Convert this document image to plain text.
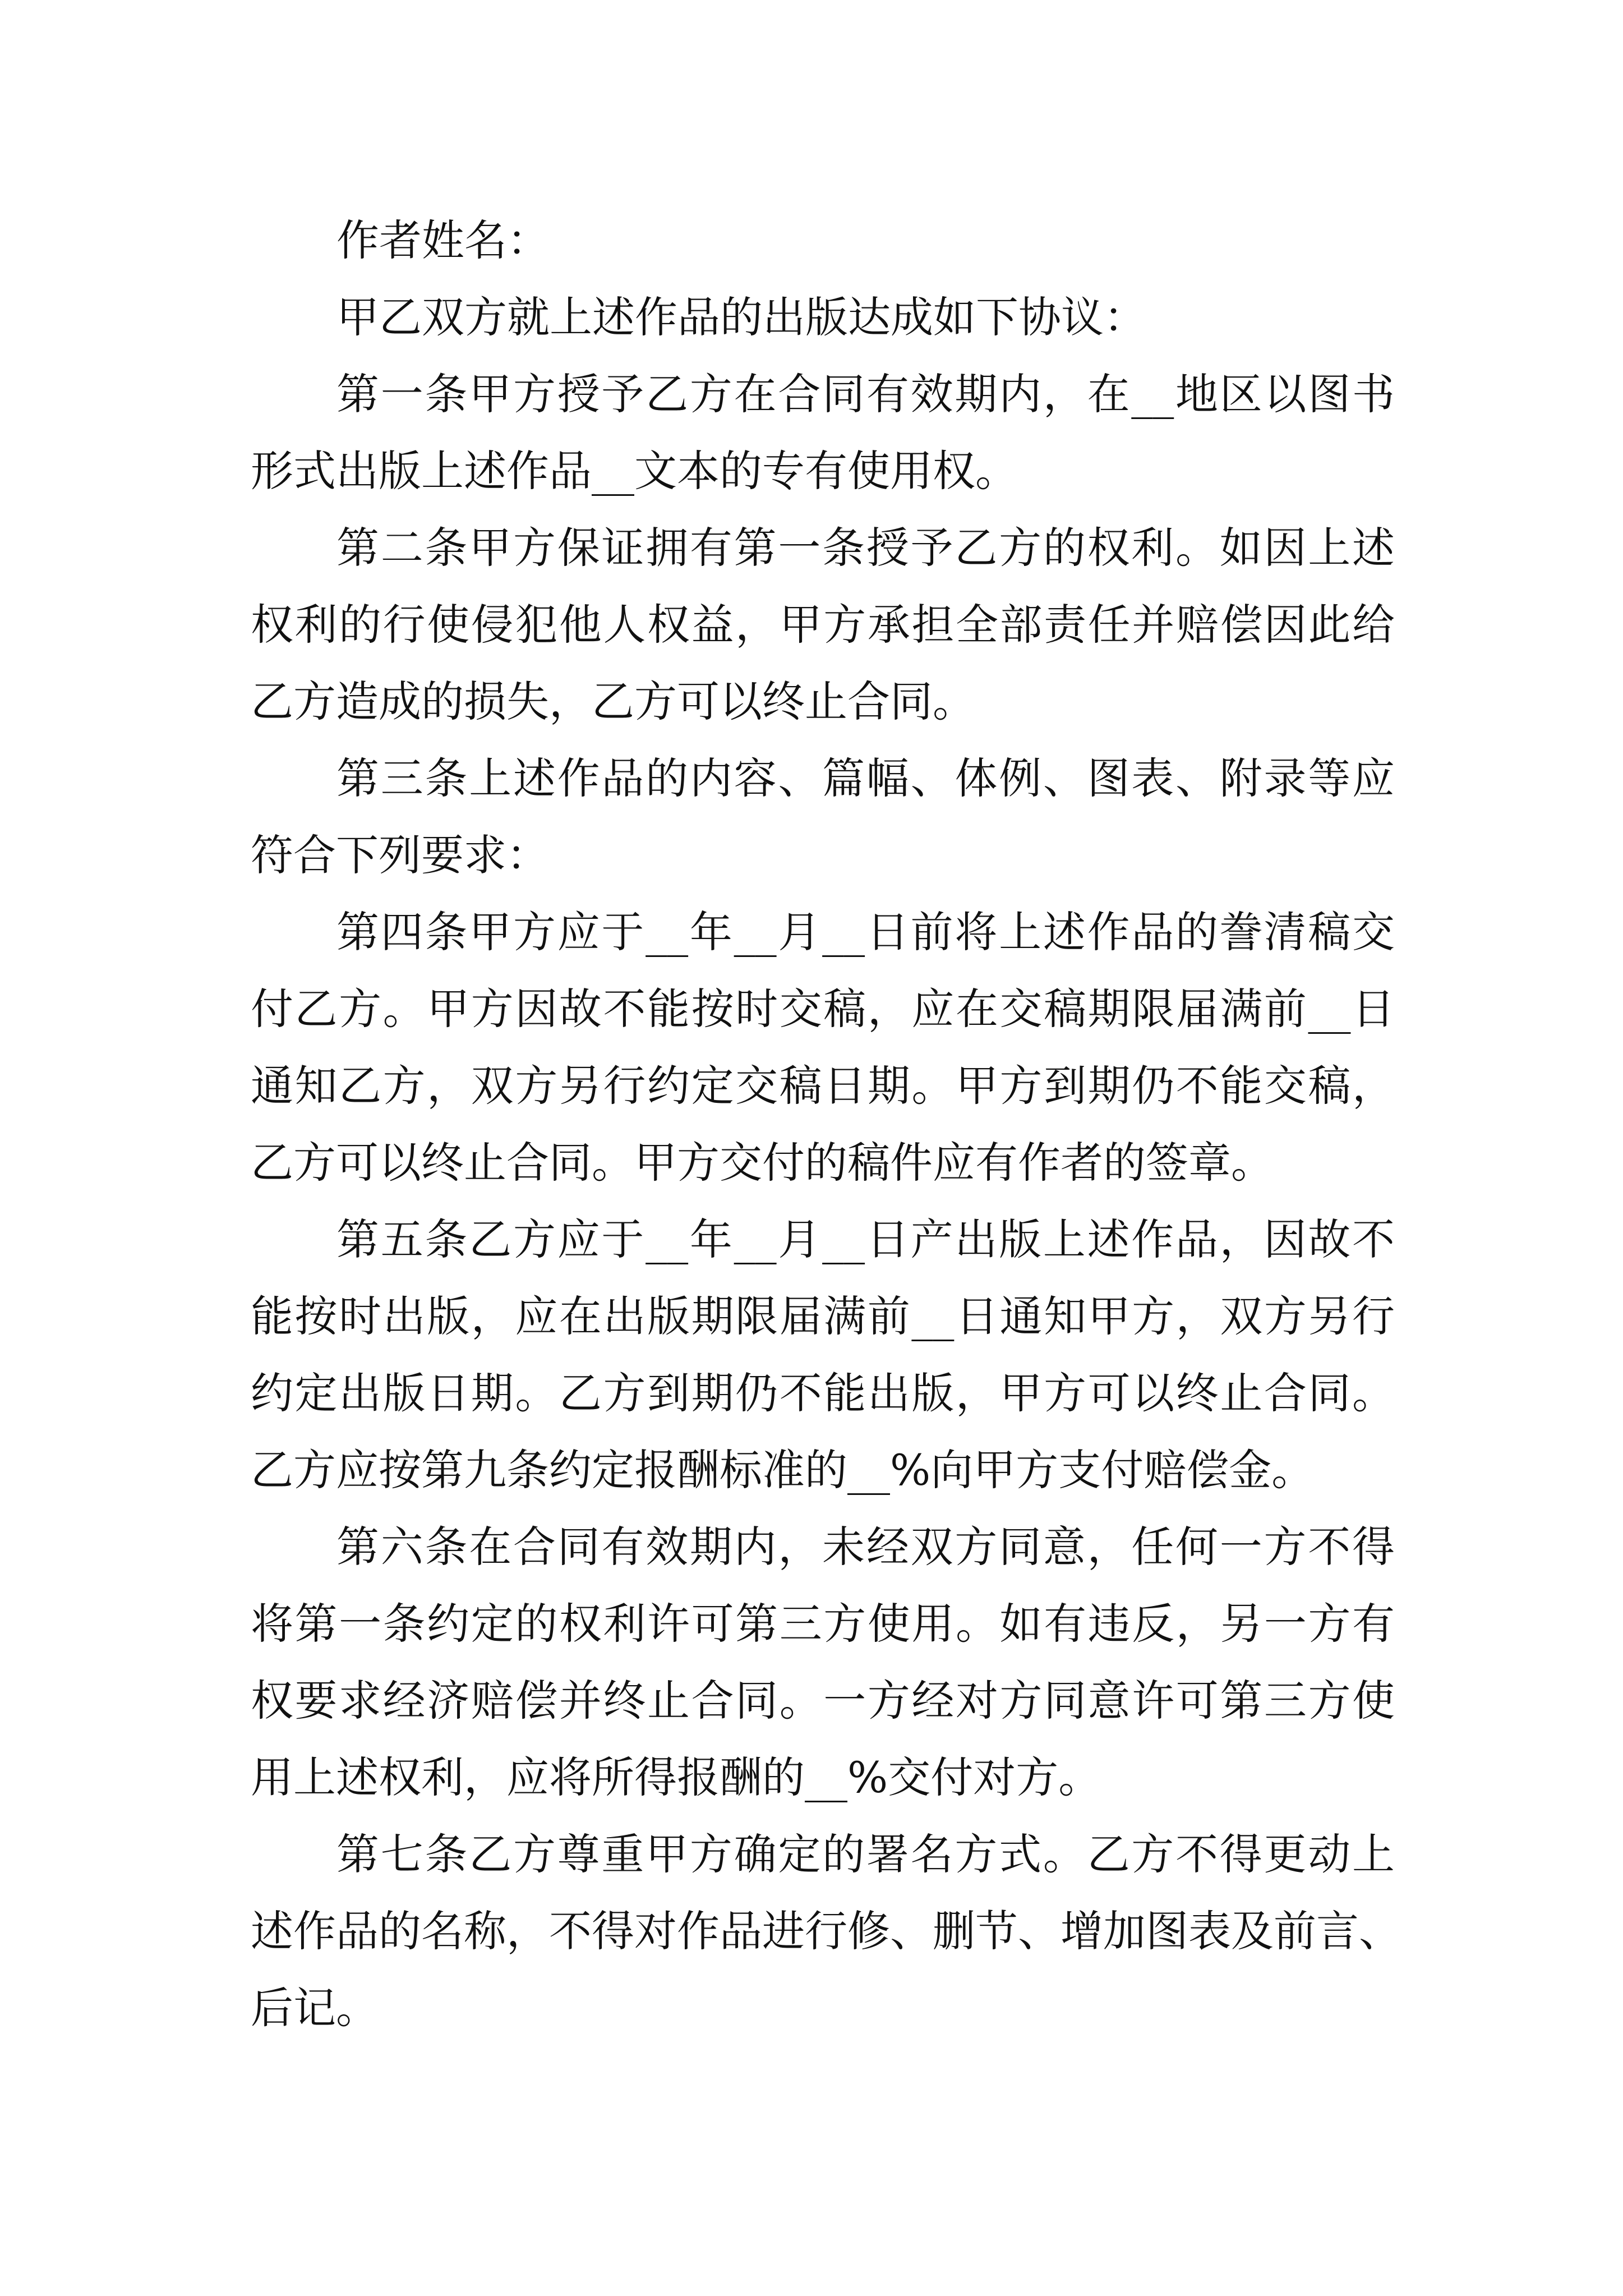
作者姓名：

甲乙双方就上述作品的出版达成如下协议：

第一条甲方授予乙方在合同有效期内，在__地区以图书
形式出版上述作品__文本的专有使用权。

第二条甲方保证拥有第一条授予乙方的权利。如因上述
权利的行使侵犯他人权益，甲方承担全部责任并赔偿因此给
乙方造成的损失，乙方可以终止合同。

第三条上述作品的内容、篇幅、体例、图表、附录等应
符合下列要求：

第四条甲方应于__年__月__日前将上述作品的誊清稿交
付乙方。甲方因故不能按时交稿，应在交稿期限届满前__日
通知乙方，双方另行约定交稿日期。甲方到期仍不能交稿，
乙方可以终止合同。甲方交付的稿件应有作者的签章。

第五条乙方应于__年__月__日产出版上述作品，因故不
能按时出版，应在出版期限届满前__日通知甲方，双方另行
约定出版日期。乙方到期仍不能出版，甲方可以终止合同。
乙方应按第九条约定报酬标准的__%向甲方支付赔偿金。

第六条在合同有效期内，未经双方同意，任何一方不得
将第一条约定的权利许可第三方使用。如有违反，另一方有
权要求经济赔偿并终止合同。一方经对方同意许可第三方使
用上述权利，应将所得报酬的__%交付对方。

第七条乙方尊重甲方确定的署名方式。乙方不得更动上
述作品的名称，不得对作品进行修、删节、增加图表及前言、
后记。
